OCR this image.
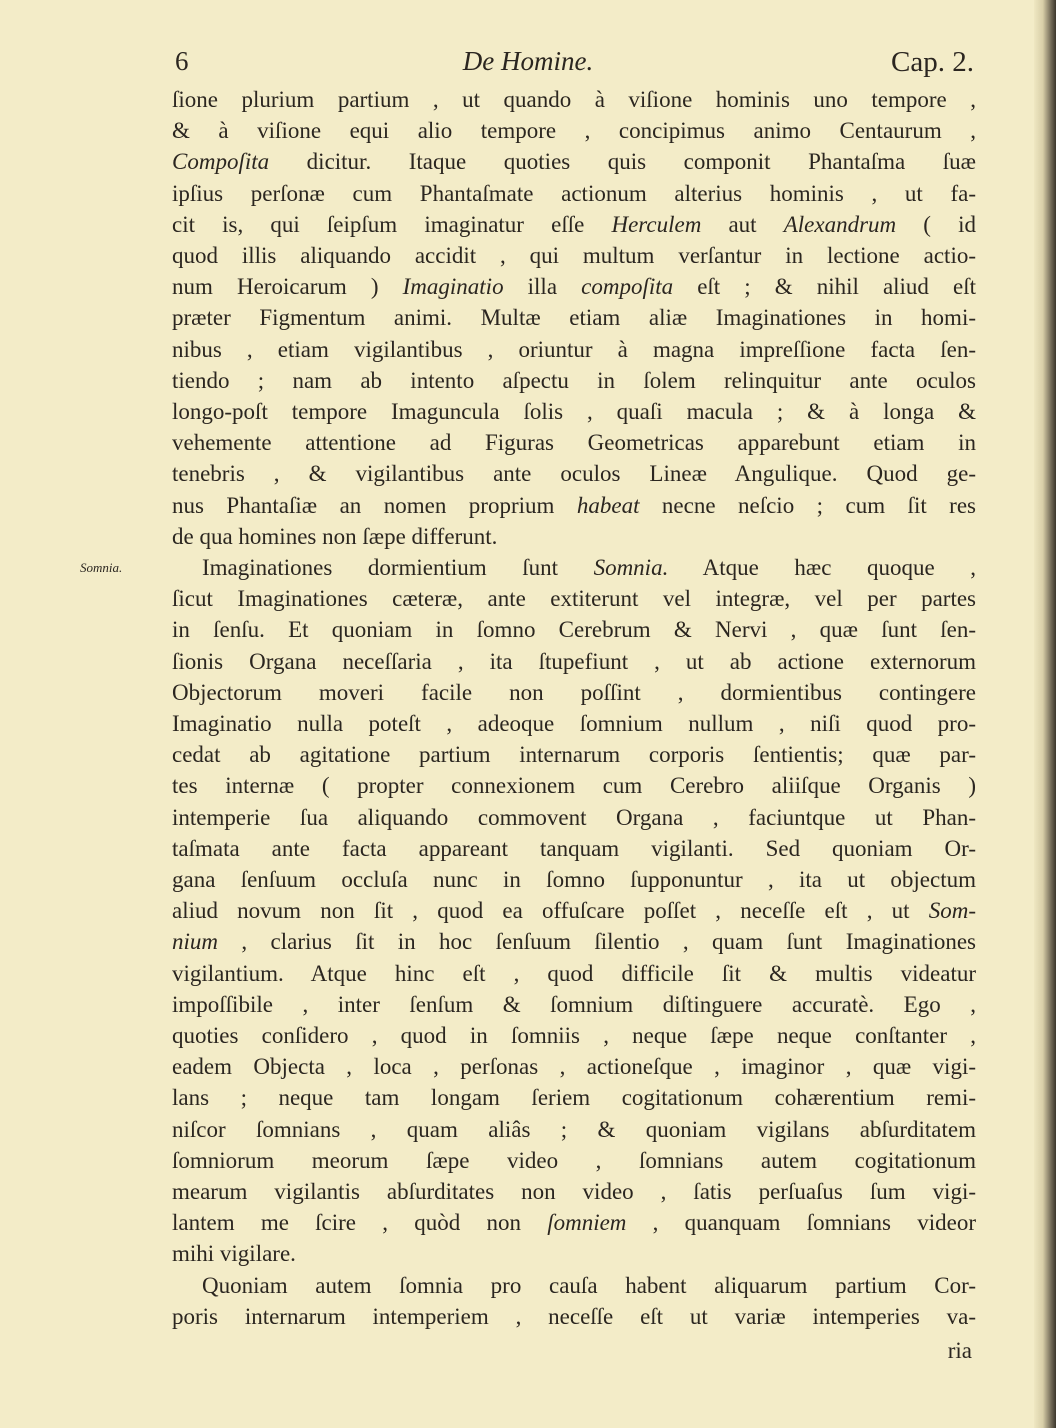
6	De Homine.	Cap. 2.
ſione plurium partium , ut quando à viſione hominis uno tempore ,
& à viſione equi alio tempore , concipimus animo Centaurum ,
Compoſita dicitur. Itaque quoties quis componit Phantaſma ſuæ
ipſius perſonæ cum Phantaſmate actionum alterius hominis , ut fa-
cit is, qui ſeipſum imaginatur eſſe Herculem aut Alexandrum ( id
quod illis aliquando accidit , qui multum verſantur in lectione actio-
num Heroicarum ) Imaginatio illa compoſita eſt ; & nihil aliud eſt
præter Figmentum animi. Multæ etiam aliæ Imaginationes in homi-
nibus , etiam vigilantibus , oriuntur à magna impreſſione facta ſen-
tiendo ; nam ab intento aſpectu in ſolem relinquitur ante oculos
longo-poſt tempore Imaguncula ſolis , quaſi macula ; & à longa &
vehemente attentione ad Figuras Geometricas apparebunt etiam in
tenebris , & vigilantibus ante oculos Lineæ Angulique. Quod ge-
nus Phantaſiæ an nomen proprium habeat necne neſcio ; cum ſit res
de qua homines non ſæpe differunt.
Imaginationes dormientium ſunt Somnia. Atque hæc quoque ,
Somnia.
ſicut Imaginationes cæteræ, ante extiterunt vel integræ, vel per partes
in ſenſu. Et quoniam in ſomno Cerebrum & Nervi , quæ ſunt ſen-
ſionis Organa neceſſaria , ita ſtupefiunt , ut ab actione externorum
Objectorum moveri facile non poſſint , dormientibus contingere
Imaginatio nulla poteſt , adeoque ſomnium nullum , niſi quod pro-
cedat ab agitatione partium internarum corporis ſentientis; quæ par-
tes internæ ( propter connexionem cum Cerebro aliiſque Organis )
intemperie ſua aliquando commovent Organa , faciuntque ut Phan-
taſmata ante facta appareant tanquam vigilanti. Sed quoniam Or-
gana ſenſuum occluſa nunc in ſomno ſupponuntur , ita ut objectum
aliud novum non ſit , quod ea offuſcare poſſet , neceſſe eſt , ut Som-
nium , clarius ſit in hoc ſenſuum ſilentio , quam ſunt Imaginationes
vigilantium. Atque hinc eſt , quod difficile ſit & multis videatur
impoſſibile , inter ſenſum & ſomnium diſtinguere accuratè. Ego ,
quoties conſidero , quod in ſomniis , neque ſæpe neque conſtanter ,
eadem Objecta , loca , perſonas , actioneſque , imaginor , quæ vigi-
lans ; neque tam longam ſeriem cogitationum cohærentium remi-
niſcor ſomnians , quam aliâs ; & quoniam vigilans abſurditatem
ſomniorum meorum ſæpe video , ſomnians autem cogitationum
mearum vigilantis abſurditates non video , ſatis perſuaſus ſum vigi-
lantem me ſcire , quòd non ſomniem , quanquam ſomnians videor
mihi vigilare.
Quoniam autem ſomnia pro cauſa habent aliquarum partium Cor-
poris internarum intemperiem , neceſſe eſt ut variæ intemperies va-
ria
